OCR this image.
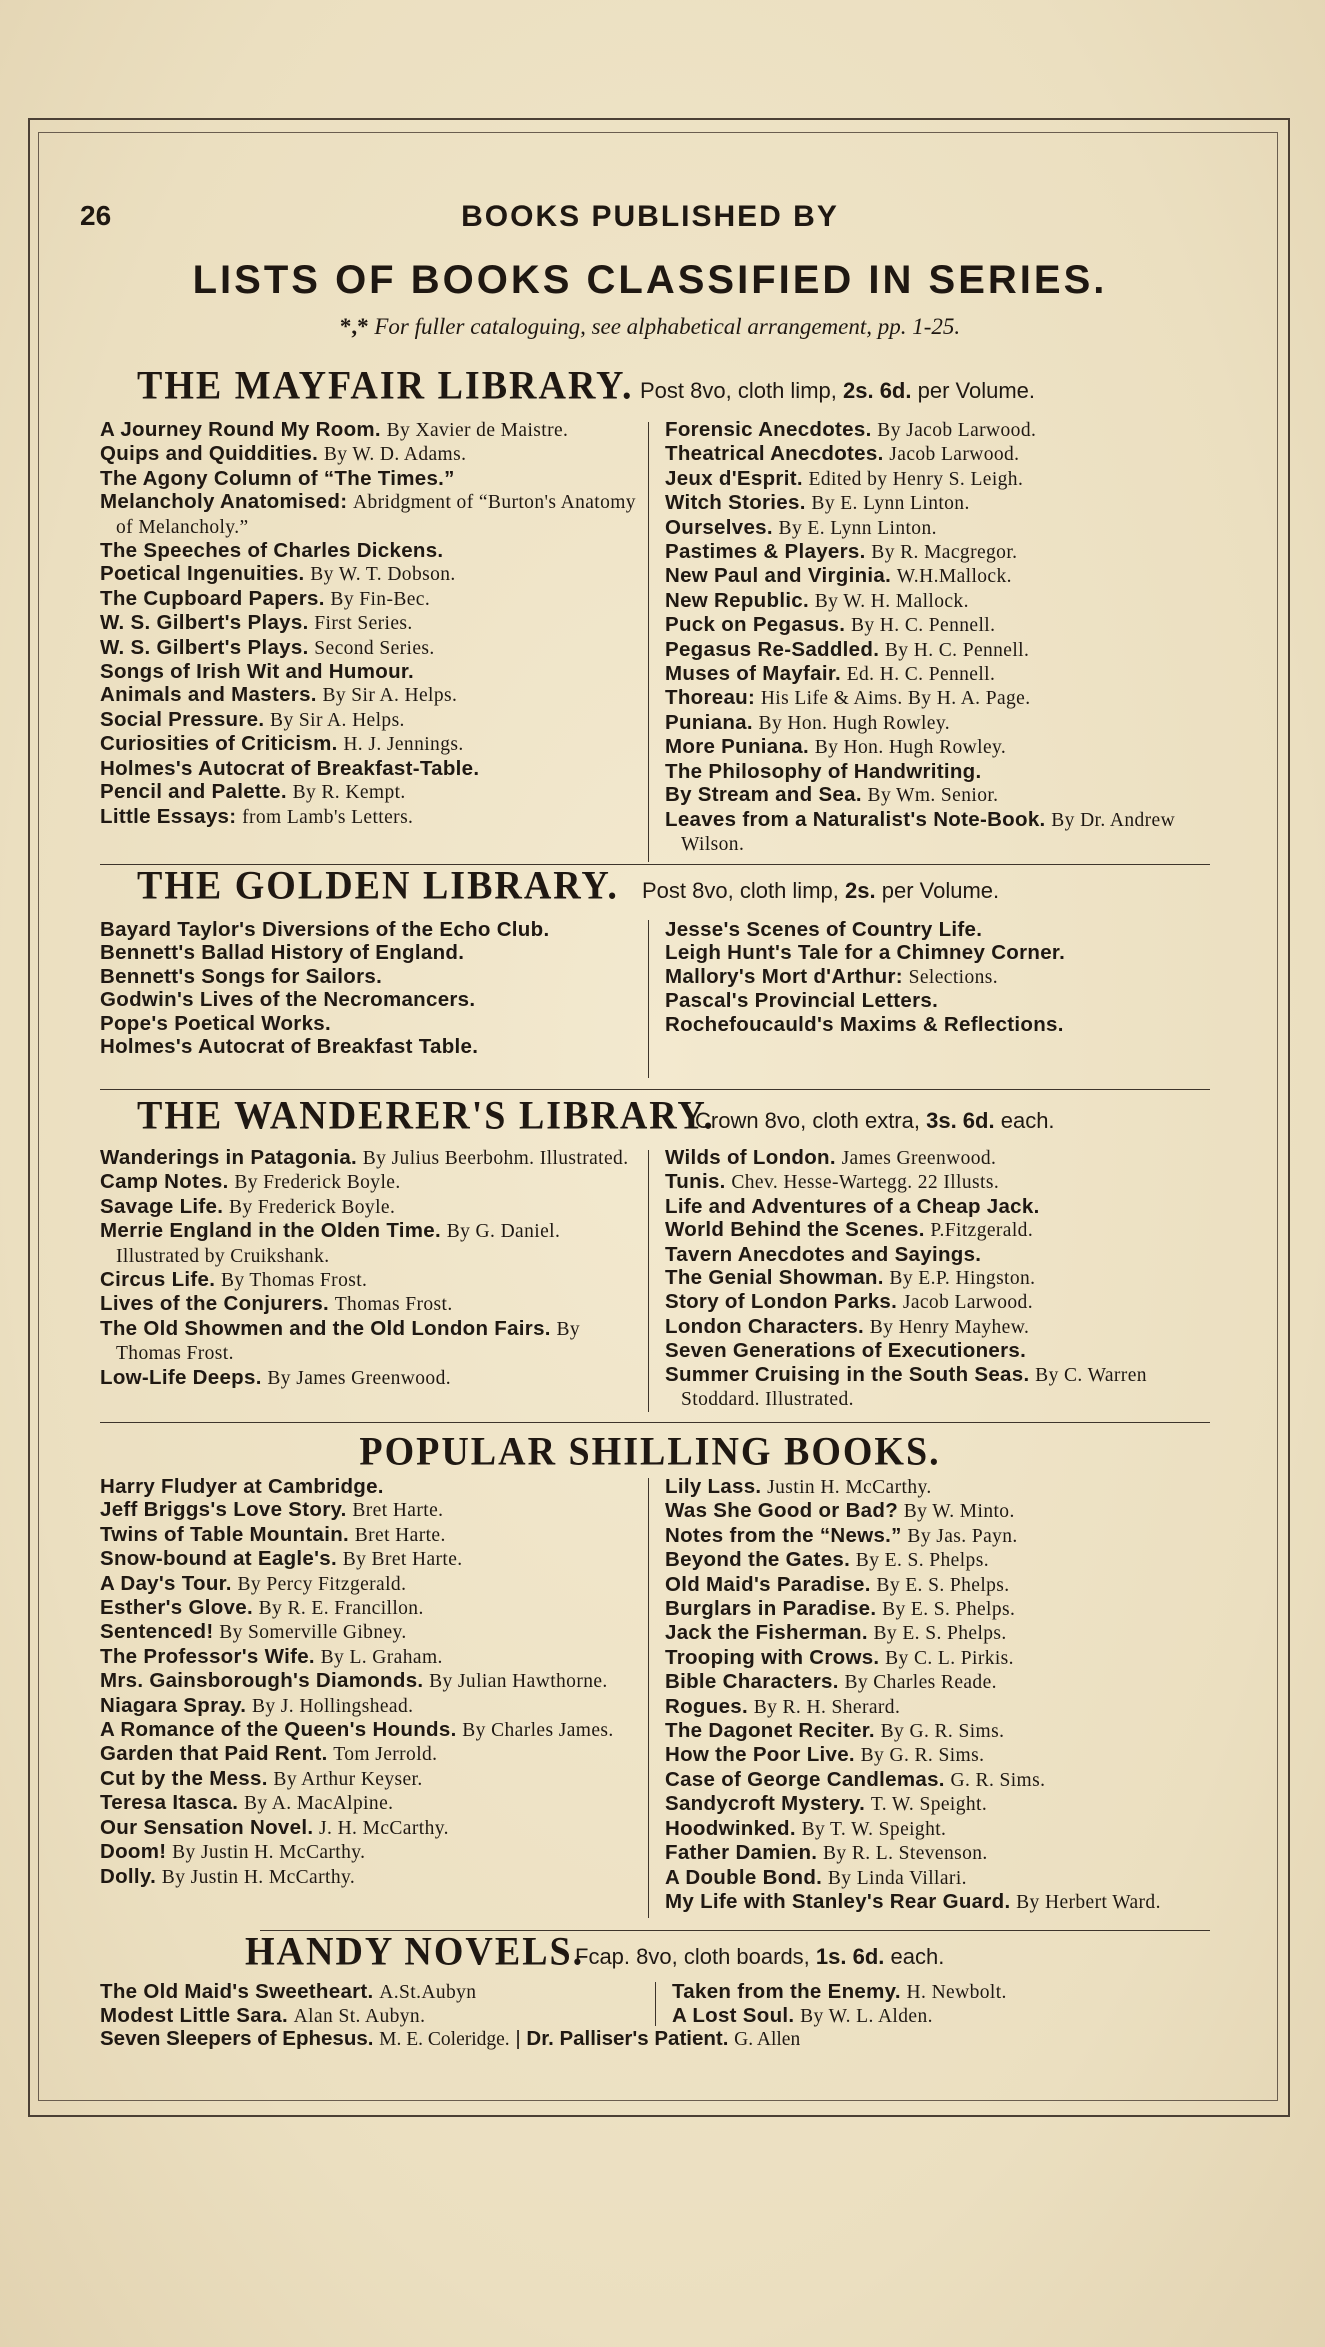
26	BOOKS PUBLISHED BY
LISTS OF BOOKS CLASSIFIED IN SERIES.
*,* For fuller cataloguing, see alphabetical arrangement, pp. 1-25.
THE MAYFAIR LIBRARY. Post 8vo, cloth limp, 2s. 6d. per Volume.

A Journey Round My Room. By Xavier de Maistre.

Quips and Quiddities. By W. D. Adams.

The Agony Column of “The Times.”

Melancholy Anatomised: Abridgment of “Burton's Anatomy of Melancholy.”

The Speeches of Charles Dickens.

Poetical Ingenuities. By W. T. Dobson.

The Cupboard Papers. By Fin-Bec.

W. S. Gilbert's Plays. First Series.

W. S. Gilbert's Plays. Second Series.

Songs of Irish Wit and Humour.

Animals and Masters. By Sir A. Helps.

Social Pressure. By Sir A. Helps.

Curiosities of Criticism. H. J. Jennings.

Holmes's Autocrat of Breakfast-Table.

Pencil and Palette. By R. Kempt.

Little Essays: from Lamb's Letters.

Forensic Anecdotes. By Jacob Larwood.

Theatrical Anecdotes. Jacob Larwood.

Jeux d'Esprit. Edited by Henry S. Leigh.

Witch Stories. By E. Lynn Linton.

Ourselves. By E. Lynn Linton.

Pastimes & Players. By R. Macgregor.

New Paul and Virginia. W.H.Mallock.

New Republic. By W. H. Mallock.

Puck on Pegasus. By H. C. Pennell.

Pegasus Re-Saddled. By H. C. Pennell.

Muses of Mayfair. Ed. H. C. Pennell.

Thoreau: His Life & Aims. By H. A. Page.

Puniana. By Hon. Hugh Rowley.

More Puniana. By Hon. Hugh Rowley.

The Philosophy of Handwriting.

By Stream and Sea. By Wm. Senior.

Leaves from a Naturalist's Note-Book. By Dr. Andrew Wilson.

THE GOLDEN LIBRARY. Post 8vo, cloth limp, 2s. per Volume.

Bayard Taylor's Diversions of the Echo Club.

Bennett's Ballad History of England.

Bennett's Songs for Sailors.

Godwin's Lives of the Necromancers.

Pope's Poetical Works.

Holmes's Autocrat of Breakfast Table.

Jesse's Scenes of Country Life.

Leigh Hunt's Tale for a Chimney Corner.

Mallory's Mort d'Arthur: Selections.

Pascal's Provincial Letters.

Rochefoucauld's Maxims & Reflections.

THE WANDERER'S LIBRARY.
Crown 8vo, cloth extra, 3s. 6d. each.

Wanderings in Patagonia. By Julius Beerbohm. Illustrated.

Camp Notes. By Frederick Boyle.

Savage Life. By Frederick Boyle.

Merrie England in the Olden Time. By G. Daniel. Illustrated by Cruikshank.

Circus Life. By Thomas Frost.

Lives of the Conjurers. Thomas Frost.

The Old Showmen and the Old London Fairs. By Thomas Frost.

Low-Life Deeps. By James Greenwood.

Wilds of London. James Greenwood.

Tunis. Chev. Hesse-Wartegg. 22 Illusts.

Life and Adventures of a Cheap Jack.

World Behind the Scenes. P.Fitzgerald.

Tavern Anecdotes and Sayings.

The Genial Showman. By E.P. Hingston.

Story of London Parks. Jacob Larwood.

London Characters. By Henry Mayhew.

Seven Generations of Executioners.

Summer Cruising in the South Seas. By C. Warren Stoddard. Illustrated.

POPULAR SHILLING BOOKS.

Harry Fludyer at Cambridge.

Jeff Briggs's Love Story. Bret Harte.

Twins of Table Mountain. Bret Harte.

Snow-bound at Eagle's. By Bret Harte.

A Day's Tour. By Percy Fitzgerald.

Esther's Glove. By R. E. Francillon.

Sentenced! By Somerville Gibney.

The Professor's Wife. By L. Graham.

Mrs. Gainsborough's Diamonds. By Julian Hawthorne.

Niagara Spray. By J. Hollingshead.

A Romance of the Queen's Hounds. By Charles James.

Garden that Paid Rent. Tom Jerrold.

Cut by the Mess. By Arthur Keyser.

Teresa Itasca. By A. MacAlpine.

Our Sensation Novel. J. H. McCarthy.

Doom! By Justin H. McCarthy.

Dolly. By Justin H. McCarthy.

Lily Lass. Justin H. McCarthy.

Was She Good or Bad? By W. Minto.

Notes from the “News.” By Jas. Payn.

Beyond the Gates. By E. S. Phelps.

Old Maid's Paradise. By E. S. Phelps.

Burglars in Paradise. By E. S. Phelps.

Jack the Fisherman. By E. S. Phelps.

Trooping with Crows. By C. L. Pirkis.

Bible Characters. By Charles Reade.

Rogues. By R. H. Sherard.

The Dagonet Reciter. By G. R. Sims.

How the Poor Live. By G. R. Sims.

Case of George Candlemas. G. R. Sims.

Sandycroft Mystery. T. W. Speight.

Hoodwinked. By T. W. Speight.

Father Damien. By R. L. Stevenson.

A Double Bond. By Linda Villari.

My Life with Stanley's Rear Guard. By Herbert Ward.

HANDY NOVELS.
Fcap. 8vo, cloth boards, 1s. 6d. each.

The Old Maid's Sweetheart. A.St.Aubyn

Modest Little Sara. Alan St. Aubyn.

Taken from the Enemy. H. Newbolt.

A Lost Soul. By W. L. Alden.

Seven Sleepers of Ephesus. M. E. Coleridge. | Dr. Palliser's Patient. G. Allen
